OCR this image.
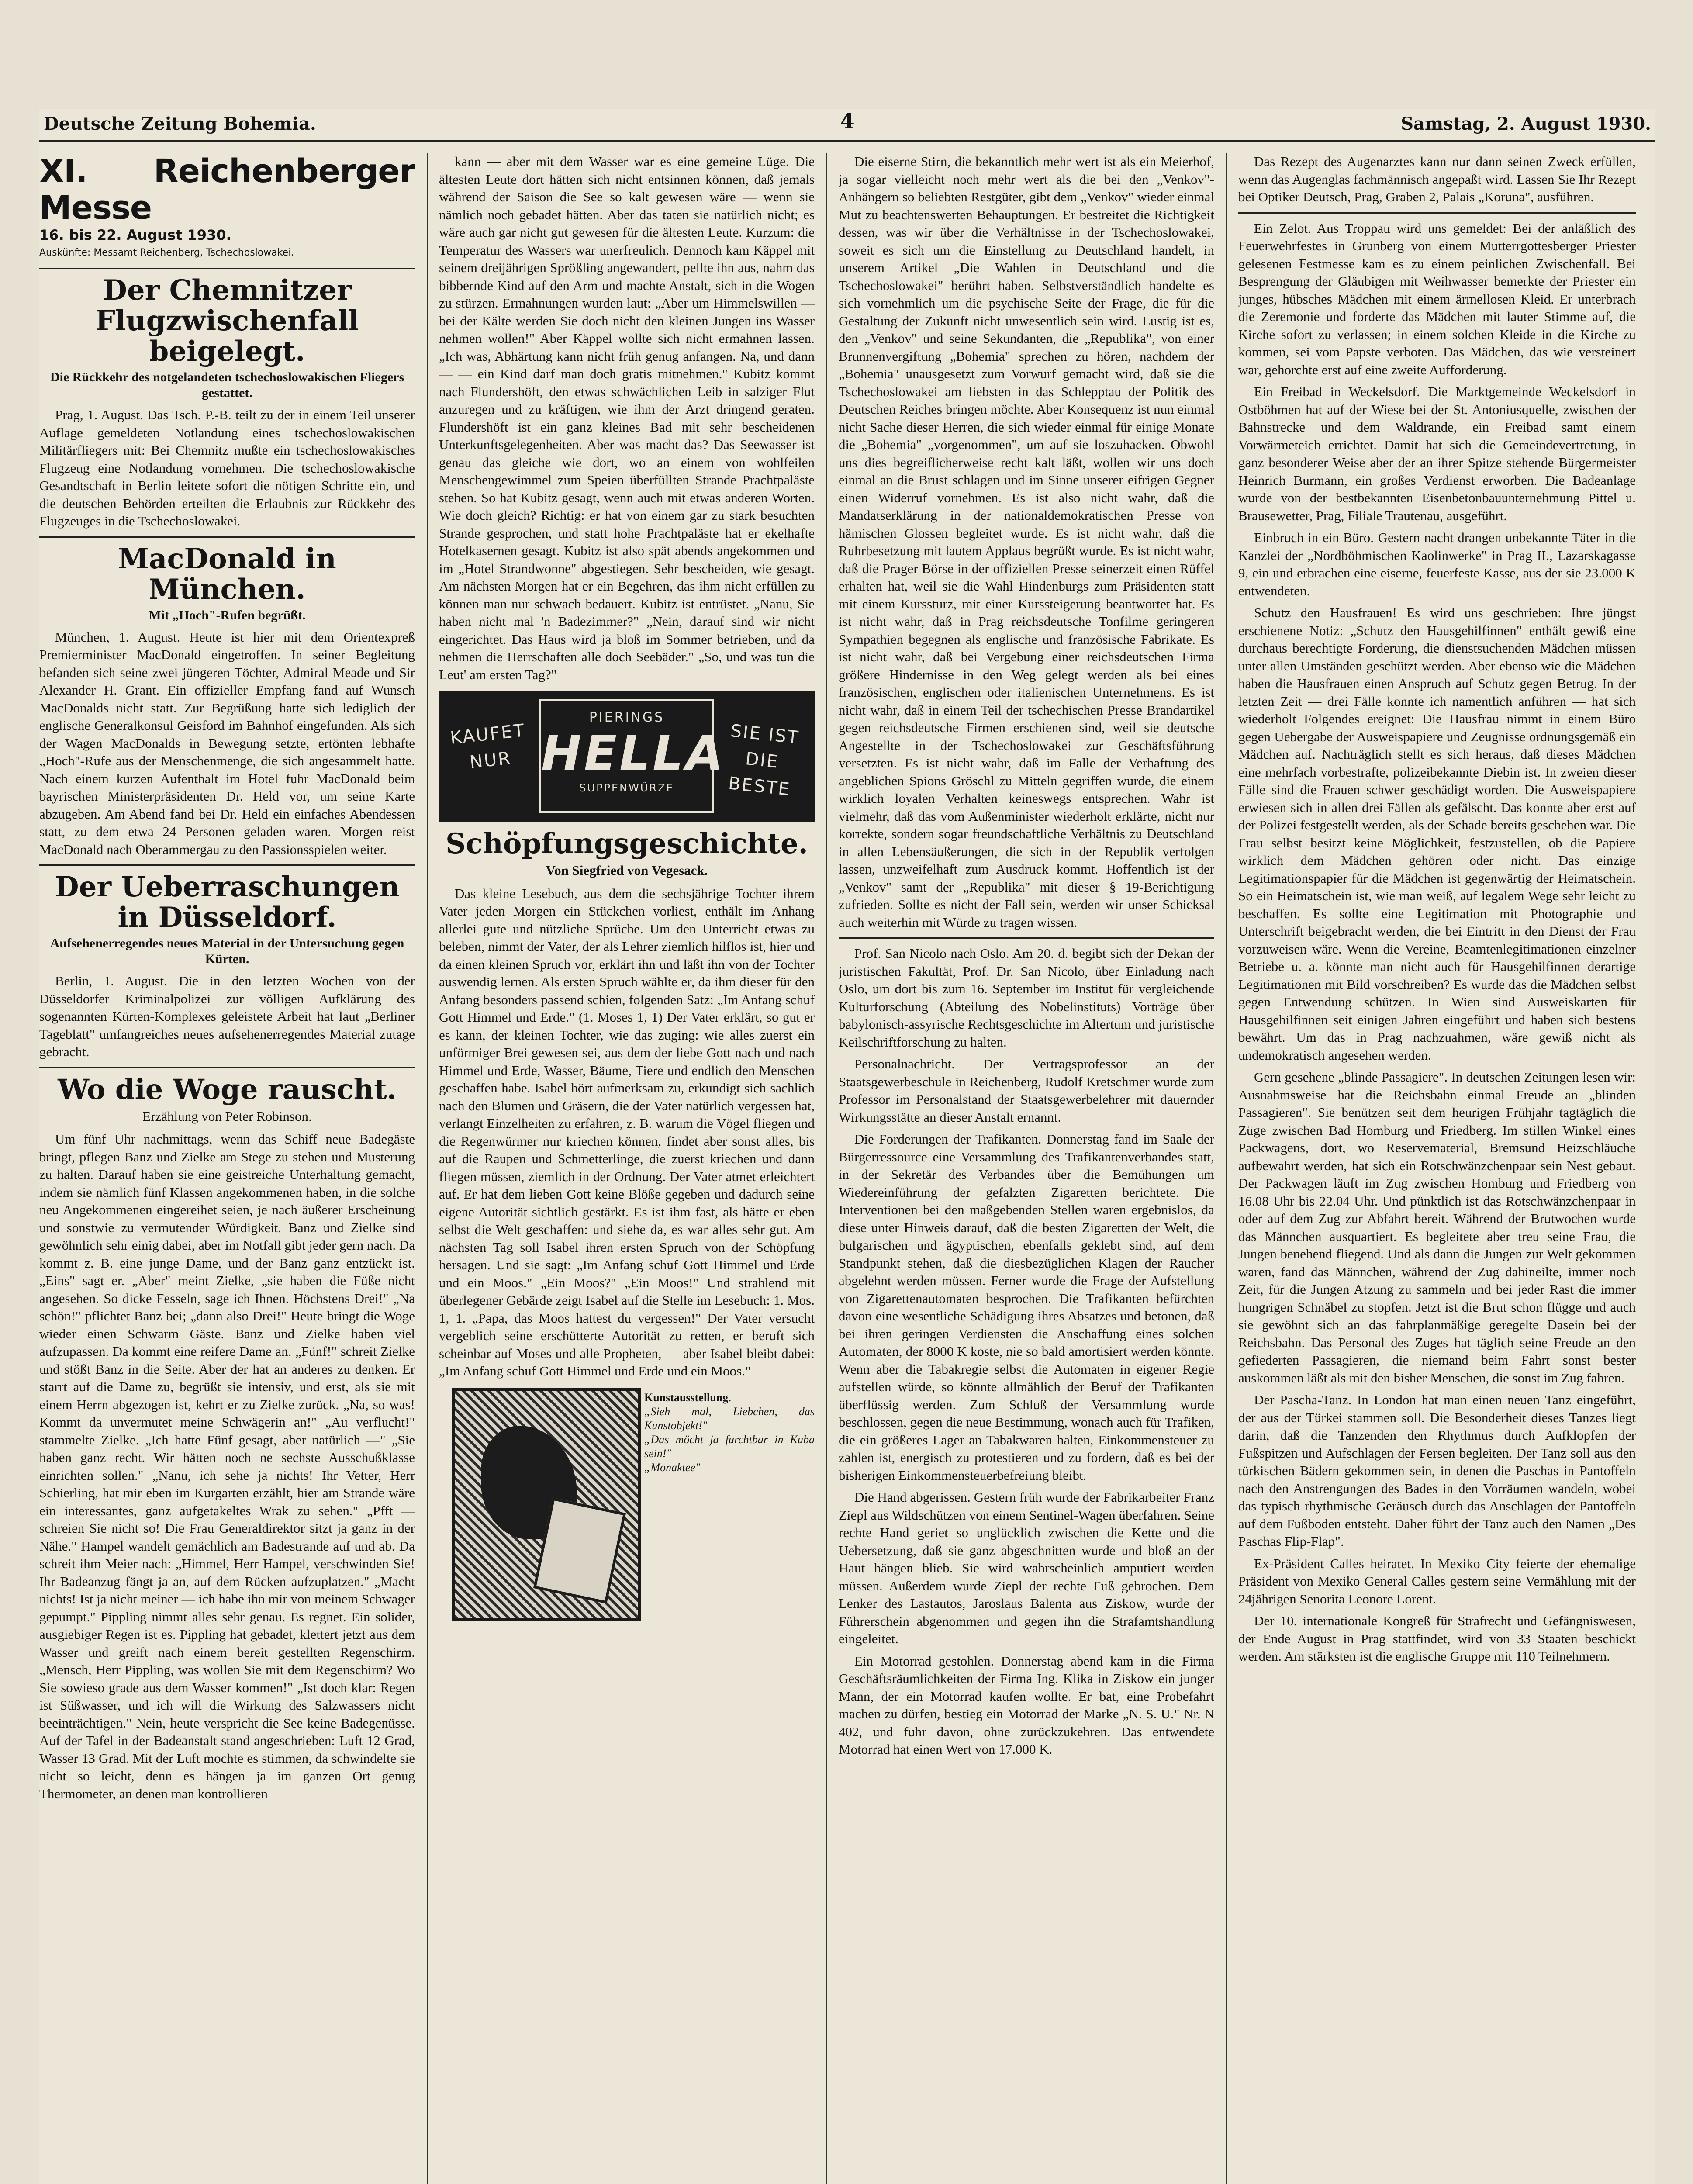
Deutsche Zeitung Bohemia.	4	Samstag, 2. August 1930.
XI. Reichenberger Messe
16. bis 22. August 1930.
Auskünfte: Messamt Reichenberg, Tschechoslowakei.
Der Chemnitzer Flugzwischenfall beigelegt.
Die Rückkehr des notgelandeten tschechoslowakischen Fliegers gestattet.

Prag, 1. August. Das Tsch. P.-B. teilt zu der in einem Teil unserer Auflage gemeldeten Notlandung eines tschechoslowakischen Militärfliegers mit: Bei Chemnitz mußte ein tschechoslowakisches Flugzeug eine Notlandung vornehmen. Die tschechoslowakische Gesandtschaft in Berlin leitete sofort die nötigen Schritte ein, und die deutschen Behörden erteilten die Erlaubnis zur Rückkehr des Flugzeuges in die Tschechoslowakei.

MacDonald in München.
Mit „Hoch"-Rufen begrüßt.

München, 1. August. Heute ist hier mit dem Orientexpreß Premierminister MacDonald eingetroffen. In seiner Begleitung befanden sich seine zwei jüngeren Töchter, Admiral Meade und Sir Alexander H. Grant. Ein offizieller Empfang fand auf Wunsch MacDonalds nicht statt. Zur Begrüßung hatte sich lediglich der englische Generalkonsul Geisford im Bahnhof eingefunden. Als sich der Wagen MacDonalds in Bewegung setzte, ertönten lebhafte „Hoch"-Rufe aus der Menschenmenge, die sich angesammelt hatte. Nach einem kurzen Aufenthalt im Hotel fuhr MacDonald beim bayrischen Ministerpräsidenten Dr. Held vor, um seine Karte abzugeben. Am Abend fand bei Dr. Held ein einfaches Abendessen statt, zu dem etwa 24 Personen geladen waren. Morgen reist MacDonald nach Oberammergau zu den Passionsspielen weiter.

Der Ueberraschungen in Düsseldorf.
Aufsehenerregendes neues Material in der Untersuchung gegen Kürten.

Berlin, 1. August. Die in den letzten Wochen von der Düsseldorfer Kriminalpolizei zur völligen Aufklärung des sogenannten Kürten-Komplexes geleistete Arbeit hat laut „Berliner Tageblatt" umfangreiches neues aufsehenerregendes Material zutage gebracht.

Wo die Woge rauscht.
Erzählung von Peter Robinson.

Um fünf Uhr nachmittags, wenn das Schiff neue Badegäste bringt, pflegen Banz und Zielke am Stege zu stehen und Musterung zu halten. Darauf haben sie eine geistreiche Unterhaltung gemacht, indem sie nämlich fünf Klassen angekommenen haben, in die solche neu Angekommenen eingereihet seien, je nach äußerer Erscheinung und sonstwie zu vermutender Würdigkeit. Banz und Zielke sind gewöhnlich sehr einig dabei, aber im Notfall gibt jeder gern nach. Da kommt z. B. eine junge Dame, und der Banz ganz entzückt ist. „Eins" sagt er. „Aber" meint Zielke, „sie haben die Füße nicht angesehen. So dicke Fesseln, sage ich Ihnen. Höchstens Drei!" „Na schön!" pflichtet Banz bei; „dann also Drei!" Heute bringt die Woge wieder einen Schwarm Gäste. Banz und Zielke haben viel aufzupassen. Da kommt eine reifere Dame an. „Fünf!" schreit Zielke und stößt Banz in die Seite. Aber der hat an anderes zu denken. Er starrt auf die Dame zu, begrüßt sie intensiv, und erst, als sie mit einem Herrn abgezogen ist, kehrt er zu Zielke zurück. „Na, so was! Kommt da unvermutet meine Schwägerin an!" „Au verflucht!" stammelte Zielke. „Ich hatte Fünf gesagt, aber natürlich —" „Sie haben ganz recht. Wir hätten noch ne sechste Ausschußklasse einrichten sollen." „Nanu, ich sehe ja nichts! Ihr Vetter, Herr Schierling, hat mir eben im Kurgarten erzählt, hier am Strande wäre ein interessantes, ganz aufgetakeltes Wrak zu sehen." „Pfft — schreien Sie nicht so! Die Frau Generaldirektor sitzt ja ganz in der Nähe." Hampel wandelt gemächlich am Badestrande auf und ab. Da schreit ihm Meier nach: „Himmel, Herr Hampel, verschwinden Sie! Ihr Badeanzug fängt ja an, auf dem Rücken aufzuplatzen." „Macht nichts! Ist ja nicht meiner — ich habe ihn mir von meinem Schwager gepumpt." Pippling nimmt alles sehr genau. Es regnet. Ein solider, ausgiebiger Regen ist es. Pippling hat gebadet, klettert jetzt aus dem Wasser und greift nach einem bereit gestellten Regenschirm. „Mensch, Herr Pippling, was wollen Sie mit dem Regenschirm? Wo Sie sowieso grade aus dem Wasser kommen!" „Ist doch klar: Regen ist Süßwasser, und ich will die Wirkung des Salzwassers nicht beeinträchtigen." Nein, heute verspricht die See keine Badegenüsse. Auf der Tafel in der Badeanstalt stand angeschrieben: Luft 12 Grad, Wasser 13 Grad. Mit der Luft mochte es stimmen, da schwindelte sie nicht so leicht, denn es hängen ja im ganzen Ort genug Thermometer, an denen man kontrollieren

kann — aber mit dem Wasser war es eine gemeine Lüge. Die ältesten Leute dort hätten sich nicht entsinnen können, daß jemals während der Saison die See so kalt gewesen wäre — wenn sie nämlich noch gebadet hätten. Aber das taten sie natürlich nicht; es wäre auch gar nicht gut gewesen für die ältesten Leute. Kurzum: die Temperatur des Wassers war unerfreulich. Dennoch kam Käppel mit seinem dreijährigen Sprößling angewandert, pellte ihn aus, nahm das bibbernde Kind auf den Arm und machte Anstalt, sich in die Wogen zu stürzen. Ermahnungen wurden laut: „Aber um Himmelswillen — bei der Kälte werden Sie doch nicht den kleinen Jungen ins Wasser nehmen wollen!" Aber Käppel wollte sich nicht ermahnen lassen. „Ich was, Abhärtung kann nicht früh genug anfangen. Na, und dann — — ein Kind darf man doch gratis mitnehmen." Kubitz kommt nach Flundershöft, den etwas schwächlichen Leib in salziger Flut anzuregen und zu kräftigen, wie ihm der Arzt dringend geraten. Flundershöft ist ein ganz kleines Bad mit sehr bescheidenen Unterkunftsgelegenheiten. Aber was macht das? Das Seewasser ist genau das gleiche wie dort, wo an einem von wohlfeilen Menschengewimmel zum Speien überfüllten Strande Prachtpaläste stehen. So hat Kubitz gesagt, wenn auch mit etwas anderen Worten. Wie doch gleich? Richtig: er hat von einem gar zu stark besuchten Strande gesprochen, und statt hohe Prachtpaläste hat er ekelhafte Hotelkasernen gesagt. Kubitz ist also spät abends angekommen und im „Hotel Strandwonne" abgestiegen. Sehr bescheiden, wie gesagt. Am nächsten Morgen hat er ein Begehren, das ihm nicht erfüllen zu können man nur schwach bedauert. Kubitz ist entrüstet. „Nanu, Sie haben nicht mal 'n Badezimmer?" „Nein, darauf sind wir nicht eingerichtet. Das Haus wird ja bloß im Sommer betrieben, und da nehmen die Herrschaften alle doch Seebäder." „So, und was tun die Leut' am ersten Tag?"

KAUFET NUR
PIERINGS
HELLA
SUPPENWÜRZE
SIE IST DIE BESTE
Schöpfungsgeschichte.
Von Siegfried von Vegesack.

Das kleine Lesebuch, aus dem die sechsjährige Tochter ihrem Vater jeden Morgen ein Stückchen vorliest, enthält im Anhang allerlei gute und nützliche Sprüche. Um den Unterricht etwas zu beleben, nimmt der Vater, der als Lehrer ziemlich hilflos ist, hier und da einen kleinen Spruch vor, erklärt ihn und läßt ihn von der Tochter auswendig lernen. Als ersten Spruch wählte er, da ihm dieser für den Anfang besonders passend schien, folgenden Satz: „Im Anfang schuf Gott Himmel und Erde." (1. Moses 1, 1) Der Vater erklärt, so gut er es kann, der kleinen Tochter, wie das zuging: wie alles zuerst ein unförmiger Brei gewesen sei, aus dem der liebe Gott nach und nach Himmel und Erde, Wasser, Bäume, Tiere und endlich den Menschen geschaffen habe. Isabel hört aufmerksam zu, erkundigt sich sachlich nach den Blumen und Gräsern, die der Vater natürlich vergessen hat, verlangt Einzelheiten zu erfahren, z. B. warum die Vögel fliegen und die Regenwürmer nur kriechen können, findet aber sonst alles, bis auf die Raupen und Schmetterlinge, die zuerst kriechen und dann fliegen müssen, ziemlich in der Ordnung. Der Vater atmet erleichtert auf. Er hat dem lieben Gott keine Blöße gegeben und dadurch seine eigene Autorität sichtlich gestärkt. Es ist ihm fast, als hätte er eben selbst die Welt geschaffen: und siehe da, es war alles sehr gut. Am nächsten Tag soll Isabel ihren ersten Spruch von der Schöpfung hersagen. Und sie sagt: „Im Anfang schuf Gott Himmel und Erde und ein Moos." „Ein Moos?" „Ein Moos!" Und strahlend mit überlegener Gebärde zeigt Isabel auf die Stelle im Lesebuch: 1. Mos. 1, 1. „Papa, das Moos hattest du vergessen!" Der Vater versucht vergeblich seine erschütterte Autorität zu retten, er beruft sich scheinbar auf Moses und alle Propheten, — aber Isabel bleibt dabei: „Im Anfang schuf Gott Himmel und Erde und ein Moos."

Kunstausstellung.
„Sieh mal, Liebchen, das Kunstobjekt!"
„Das möcht ja furchtbar in Kuba sein!"
„Monaktee"

Die eiserne Stirn, die bekanntlich mehr wert ist als ein Meierhof, ja sogar vielleicht noch mehr wert als die bei den „Venkov"-Anhängern so beliebten Restgüter, gibt dem „Venkov" wieder einmal Mut zu beachtenswerten Behauptungen. Er bestreitet die Richtigkeit dessen, was wir über die Verhältnisse in der Tschechoslowakei, soweit es sich um die Einstellung zu Deutschland handelt, in unserem Artikel „Die Wahlen in Deutschland und die Tschechoslowakei" berührt haben. Selbstverständlich handelte es sich vornehmlich um die psychische Seite der Frage, die für die Gestaltung der Zukunft nicht unwesentlich sein wird. Lustig ist es, den „Venkov" und seine Sekundanten, die „Republika", von einer Brunnenvergiftung „Bohemia" sprechen zu hören, nachdem der „Bohemia" unausgesetzt zum Vorwurf gemacht wird, daß sie die Tschechoslowakei am liebsten in das Schlepptau der Politik des Deutschen Reiches bringen möchte. Aber Konsequenz ist nun einmal nicht Sache dieser Herren, die sich wieder einmal für einige Monate die „Bohemia" „vorgenommen", um auf sie loszuhacken. Obwohl uns dies begreiflicherweise recht kalt läßt, wollen wir uns doch einmal an die Brust schlagen und im Sinne unserer eifrigen Gegner einen Widerruf vornehmen. Es ist also nicht wahr, daß die Mandatserklärung in der nationaldemokratischen Presse von hämischen Glossen begleitet wurde. Es ist nicht wahr, daß die Ruhrbesetzung mit lautem Applaus begrüßt wurde. Es ist nicht wahr, daß die Prager Börse in der offiziellen Presse seinerzeit einen Rüffel erhalten hat, weil sie die Wahl Hindenburgs zum Präsidenten statt mit einem Kurssturz, mit einer Kurssteigerung beantwortet hat. Es ist nicht wahr, daß in Prag reichsdeutsche Tonfilme geringeren Sympathien begegnen als englische und französische Fabrikate. Es ist nicht wahr, daß bei Vergebung einer reichsdeutschen Firma größere Hindernisse in den Weg gelegt werden als bei eines französischen, englischen oder italienischen Unternehmens. Es ist nicht wahr, daß in einem Teil der tschechischen Presse Brandartikel gegen reichsdeutsche Firmen erschienen sind, weil sie deutsche Angestellte in der Tschechoslowakei zur Geschäftsführung versetzten. Es ist nicht wahr, daß im Falle der Verhaftung des angeblichen Spions Gröschl zu Mitteln gegriffen wurde, die einem wirklich loyalen Verhalten keineswegs entsprechen. Wahr ist vielmehr, daß das vom Außenminister wiederholt erklärte, nicht nur korrekte, sondern sogar freundschaftliche Verhältnis zu Deutschland in allen Lebensäußerungen, die sich in der Republik verfolgen lassen, unzweifelhaft zum Ausdruck kommt. Hoffentlich ist der „Venkov" samt der „Republika" mit dieser § 19-Berichtigung zufrieden. Sollte es nicht der Fall sein, werden wir unser Schicksal auch weiterhin mit Würde zu tragen wissen.

Prof. San Nicolo nach Oslo. Am 20. d. begibt sich der Dekan der juristischen Fakultät, Prof. Dr. San Nicolo, über Einladung nach Oslo, um dort bis zum 16. September im Institut für vergleichende Kulturforschung (Abteilung des Nobelinstituts) Vorträge über babylonisch-assyrische Rechtsgeschichte im Altertum und juristische Keilschriftforschung zu halten.

Personalnachricht. Der Vertragsprofessor an der Staatsgewerbeschule in Reichenberg, Rudolf Kretschmer wurde zum Professor im Personalstand der Staatsgewerbelehrer mit dauernder Wirkungsstätte an dieser Anstalt ernannt.

Die Forderungen der Trafikanten. Donnerstag fand im Saale der Bürgerressource eine Versammlung des Trafikantenverbandes statt, in der Sekretär des Verbandes über die Bemühungen um Wiedereinführung der gefalzten Zigaretten berichtete. Die Interventionen bei den maßgebenden Stellen waren ergebnislos, da diese unter Hinweis darauf, daß die besten Zigaretten der Welt, die bulgarischen und ägyptischen, ebenfalls geklebt sind, auf dem Standpunkt stehen, daß die diesbezüglichen Klagen der Raucher abgelehnt werden müssen. Ferner wurde die Frage der Aufstellung von Zigarettenautomaten besprochen. Die Trafikanten befürchten davon eine wesentliche Schädigung ihres Absatzes und betonen, daß bei ihren geringen Verdiensten die Anschaffung eines solchen Automaten, der 8000 K koste, nie so bald amortisiert werden könnte. Wenn aber die Tabakregie selbst die Automaten in eigener Regie aufstellen würde, so könnte allmählich der Beruf der Trafikanten überflüssig werden. Zum Schluß der Versammlung wurde beschlossen, gegen die neue Bestimmung, wonach auch für Trafiken, die ein größeres Lager an Tabakwaren halten, Einkommensteuer zu zahlen ist, energisch zu protestieren und zu fordern, daß es bei der bisherigen Einkommensteuerbefreiung bleibt.

Die Hand abgerissen. Gestern früh wurde der Fabrikarbeiter Franz Ziepl aus Wildschützen von einem Sentinel-Wagen überfahren. Seine rechte Hand geriet so unglücklich zwischen die Kette und die Uebersetzung, daß sie ganz abgeschnitten wurde und bloß an der Haut hängen blieb. Sie wird wahrscheinlich amputiert werden müssen. Außerdem wurde Ziepl der rechte Fuß gebrochen. Dem Lenker des Lastautos, Jaroslaus Balenta aus Ziskow, wurde der Führerschein abgenommen und gegen ihn die Strafamtshandlung eingeleitet.

Ein Motorrad gestohlen. Donnerstag abend kam in die Firma Geschäftsräumlichkeiten der Firma Ing. Klika in Ziskow ein junger Mann, der ein Motorrad kaufen wollte. Er bat, eine Probefahrt machen zu dürfen, bestieg ein Motorrad der Marke „N. S. U." Nr. N 402, und fuhr davon, ohne zurückzukehren. Das entwendete Motorrad hat einen Wert von 17.000 K.

Das Rezept des Augenarztes kann nur dann seinen Zweck erfüllen, wenn das Augenglas fachmännisch angepaßt wird. Lassen Sie Ihr Rezept bei Optiker Deutsch, Prag, Graben 2, Palais „Koruna", ausführen.

Ein Zelot. Aus Troppau wird uns gemeldet: Bei der anläßlich des Feuerwehrfestes in Grunberg von einem Mutterrgottesberger Priester gelesenen Festmesse kam es zu einem peinlichen Zwischenfall. Bei Besprengung der Gläubigen mit Weihwasser bemerkte der Priester ein junges, hübsches Mädchen mit einem ärmellosen Kleid. Er unterbrach die Zeremonie und forderte das Mädchen mit lauter Stimme auf, die Kirche sofort zu verlassen; in einem solchen Kleide in die Kirche zu kommen, sei vom Papste verboten. Das Mädchen, das wie versteinert war, gehorchte erst auf eine zweite Aufforderung.

Ein Freibad in Weckelsdorf. Die Marktgemeinde Weckelsdorf in Ostböhmen hat auf der Wiese bei der St. Antoniusquelle, zwischen der Bahnstrecke und dem Waldrande, ein Freibad samt einem Vorwärmeteich errichtet. Damit hat sich die Gemeindevertretung, in ganz besonderer Weise aber der an ihrer Spitze stehende Bürgermeister Heinrich Burmann, ein großes Verdienst erworben. Die Badeanlage wurde von der bestbekannten Eisenbetonbauunternehmung Pittel u. Brausewetter, Prag, Filiale Trautenau, ausgeführt.

Einbruch in ein Büro. Gestern nacht drangen unbekannte Täter in die Kanzlei der „Nordböhmischen Kaolinwerke" in Prag II., Lazarskagasse 9, ein und erbrachen eine eiserne, feuerfeste Kasse, aus der sie 23.000 K entwendeten.

Schutz den Hausfrauen! Es wird uns geschrieben: Ihre jüngst erschienene Notiz: „Schutz den Hausgehilfinnen" enthält gewiß eine durchaus berechtigte Forderung, die dienstsuchenden Mädchen müssen unter allen Umständen geschützt werden. Aber ebenso wie die Mädchen haben die Hausfrauen einen Anspruch auf Schutz gegen Betrug. In der letzten Zeit — drei Fälle konnte ich namentlich anführen — hat sich wiederholt Folgendes ereignet: Die Hausfrau nimmt in einem Büro gegen Uebergabe der Ausweispapiere und Zeugnisse ordnungsgemäß ein Mädchen auf. Nachträglich stellt es sich heraus, daß dieses Mädchen eine mehrfach vorbestrafte, polizeibekannte Diebin ist. In zweien dieser Fälle sind die Frauen schwer geschädigt worden. Die Ausweispapiere erwiesen sich in allen drei Fällen als gefälscht. Das konnte aber erst auf der Polizei festgestellt werden, als der Schade bereits geschehen war. Die Frau selbst besitzt keine Möglichkeit, festzustellen, ob die Papiere wirklich dem Mädchen gehören oder nicht. Das einzige Legitimationspapier für die Mädchen ist gegenwärtig der Heimatschein. So ein Heimatschein ist, wie man weiß, auf legalem Wege sehr leicht zu beschaffen. Es sollte eine Legitimation mit Photographie und Unterschrift beigebracht werden, die bei Eintritt in den Dienst der Frau vorzuweisen wäre. Wenn die Vereine, Beamtenlegitimationen einzelner Betriebe u. a. könnte man nicht auch für Hausgehilfinnen derartige Legitimationen mit Bild vorschreiben? Es wurde das die Mädchen selbst gegen Entwendung schützen. In Wien sind Ausweiskarten für Hausgehilfinnen seit einigen Jahren eingeführt und haben sich bestens bewährt. Um das in Prag nachzuahmen, wäre gewiß nicht als undemokratisch angesehen werden.

Gern gesehene „blinde Passagiere". In deutschen Zeitungen lesen wir: Ausnahmsweise hat die Reichsbahn einmal Freude an „blinden Passagieren". Sie benützen seit dem heurigen Frühjahr tagtäglich die Züge zwischen Bad Homburg und Friedberg. Im stillen Winkel eines Packwagens, dort, wo Reservematerial, Bremsund Heizschläuche aufbewahrt werden, hat sich ein Rotschwänzchenpaar sein Nest gebaut. Der Packwagen läuft im Zug zwischen Homburg und Friedberg von 16.08 Uhr bis 22.04 Uhr. Und pünktlich ist das Rotschwänzchenpaar in oder auf dem Zug zur Abfahrt bereit. Während der Brutwochen wurde das Männchen ausquartiert. Es begleitete aber treu seine Frau, die Jungen benehend fliegend. Und als dann die Jungen zur Welt gekommen waren, fand das Männchen, während der Zug dahineilte, immer noch Zeit, für die Jungen Atzung zu sammeln und bei jeder Rast die immer hungrigen Schnäbel zu stopfen. Jetzt ist die Brut schon flügge und auch sie gewöhnt sich an das fahrplanmäßige geregelte Dasein bei der Reichsbahn. Das Personal des Zuges hat täglich seine Freude an den gefiederten Passagieren, die niemand beim Fahrt sonst bester auskommen läßt als mit den bisher Menschen, die sonst im Zug fahren.

Der Pascha-Tanz. In London hat man einen neuen Tanz eingeführt, der aus der Türkei stammen soll. Die Besonderheit dieses Tanzes liegt darin, daß die Tanzenden den Rhythmus durch Aufklopfen der Fußspitzen und Aufschlagen der Fersen begleiten. Der Tanz soll aus den türkischen Bädern gekommen sein, in denen die Paschas in Pantoffeln nach den Anstrengungen des Bades in den Vorräumen wandeln, wobei das typisch rhythmische Geräusch durch das Anschlagen der Pantoffeln auf dem Fußboden entsteht. Daher führt der Tanz auch den Namen „Des Paschas Flip-Flap".

Ex-Präsident Calles heiratet. In Mexiko City feierte der ehemalige Präsident von Mexiko General Calles gestern seine Vermählung mit der 24jährigen Senorita Leonore Lorent.

Der 10. internationale Kongreß für Strafrecht und Gefängniswesen, der Ende August in Prag stattfindet, wird von 33 Staaten beschickt werden. Am stärksten ist die englische Gruppe mit 110 Teilnehmern.
